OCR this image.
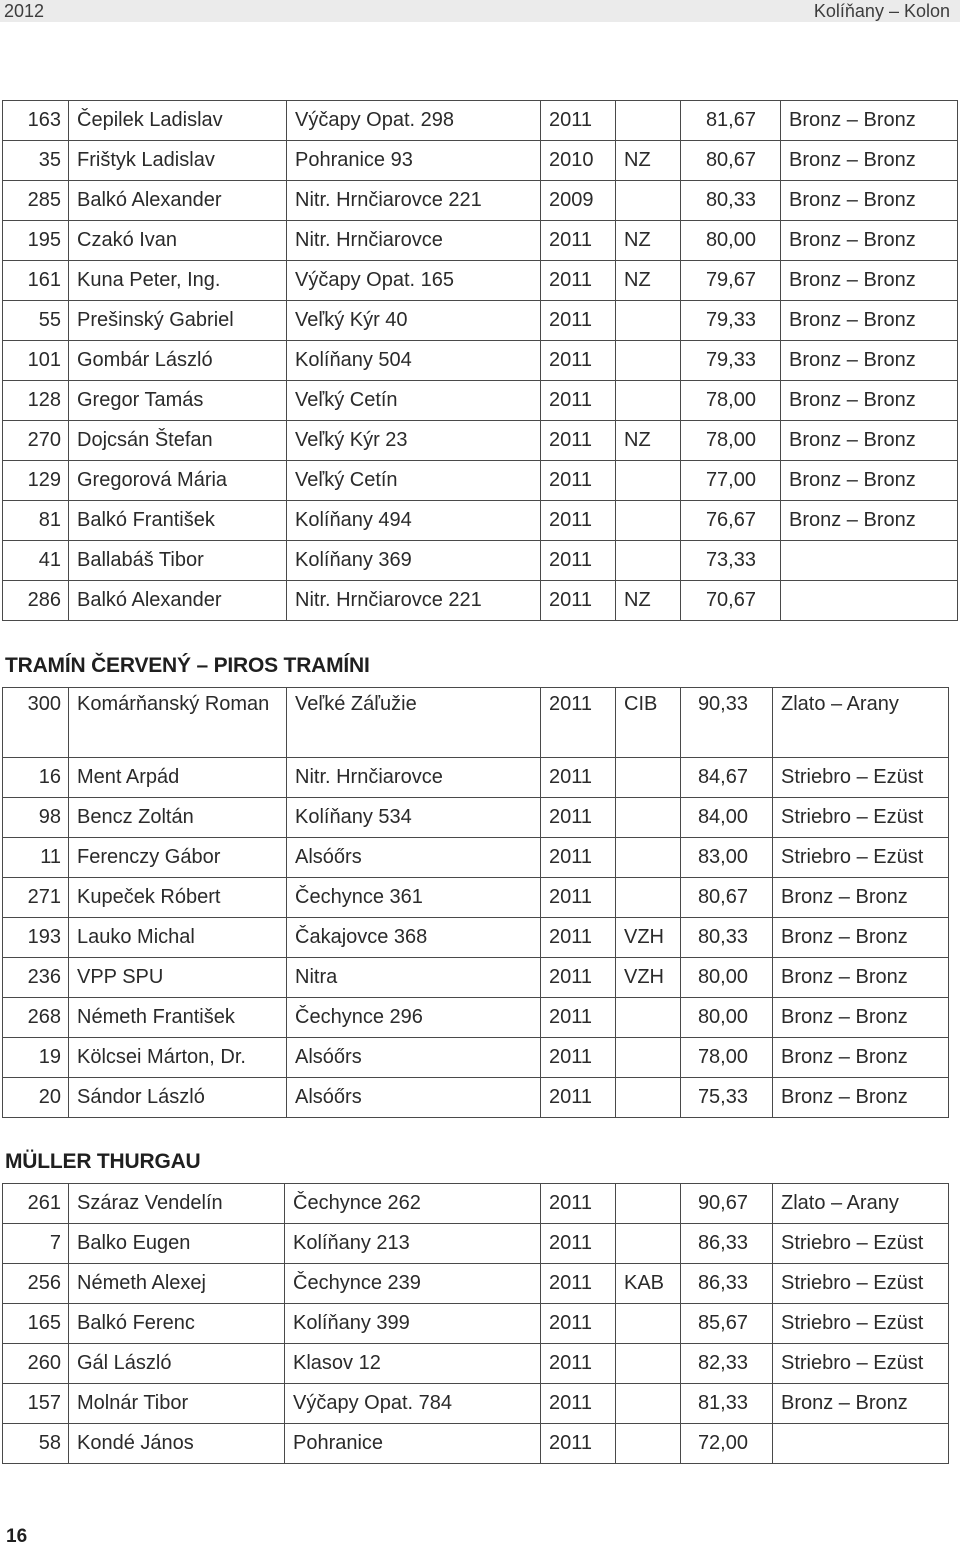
2012	Kolíňany – Kolon
163	Čepilek Ladislav	Výčapy Opat. 298	2011		81,67	Bronz – Bronz
35	Frištyk Ladislav	Pohranice 93	2010	NZ	80,67	Bronz – Bronz
285	Balkó Alexander	Nitr. Hrnčiarovce 221	2009		80,33	Bronz – Bronz
195	Czakó Ivan	Nitr. Hrnčiarovce	2011	NZ	80,00	Bronz – Bronz
161	Kuna Peter, Ing.	Výčapy Opat. 165	2011	NZ	79,67	Bronz – Bronz
55	Prešinský Gabriel	Veľký Kýr 40	2011		79,33	Bronz – Bronz
101	Gombár László	Kolíňany 504	2011		79,33	Bronz – Bronz
128	Gregor Tamás	Veľký Cetín	2011		78,00	Bronz – Bronz
270	Dojcsán Štefan	Veľký Kýr 23	2011	NZ	78,00	Bronz – Bronz
129	Gregorová Mária	Veľký Cetín	2011		77,00	Bronz – Bronz
81	Balkó František	Kolíňany 494	2011		76,67	Bronz – Bronz
41	Ballabáš Tibor	Kolíňany 369	2011		73,33	
286	Balkó Alexander	Nitr. Hrnčiarovce 221	2011	NZ	70,67	
TRAMÍN ČERVENÝ – PIROS TRAMÍNI
300	Komárňanský Roman	Veľké Záľužie	2011	CIB	90,33	Zlato – Arany
16	Ment Arpád	Nitr. Hrnčiarovce	2011		84,67	Striebro – Ezüst
98	Bencz Zoltán	Kolíňany 534	2011		84,00	Striebro – Ezüst
11	Ferenczy Gábor	Alsóőrs	2011		83,00	Striebro – Ezüst
271	Kupeček Róbert	Čechynce 361	2011		80,67	Bronz – Bronz
193	Lauko Michal	Čakajovce 368	2011	VZH	80,33	Bronz – Bronz
236	VPP SPU	Nitra	2011	VZH	80,00	Bronz – Bronz
268	Németh František	Čechynce 296	2011		80,00	Bronz – Bronz
19	Kölcsei Márton, Dr.	Alsóőrs	2011		78,00	Bronz – Bronz
20	Sándor László	Alsóőrs	2011		75,33	Bronz – Bronz
MÜLLER THURGAU
261	Száraz Vendelín	Čechynce 262	2011		90,67	Zlato – Arany
7	Balko Eugen	Kolíňany 213	2011		86,33	Striebro – Ezüst
256	Németh Alexej	Čechynce 239	2011	KAB	86,33	Striebro – Ezüst
165	Balkó Ferenc	Kolíňany 399	2011		85,67	Striebro – Ezüst
260	Gál László	Klasov 12	2011		82,33	Striebro – Ezüst
157	Molnár Tibor	Výčapy Opat. 784	2011		81,33	Bronz – Bronz
58	Kondé János	Pohranice	2011		72,00	
16
